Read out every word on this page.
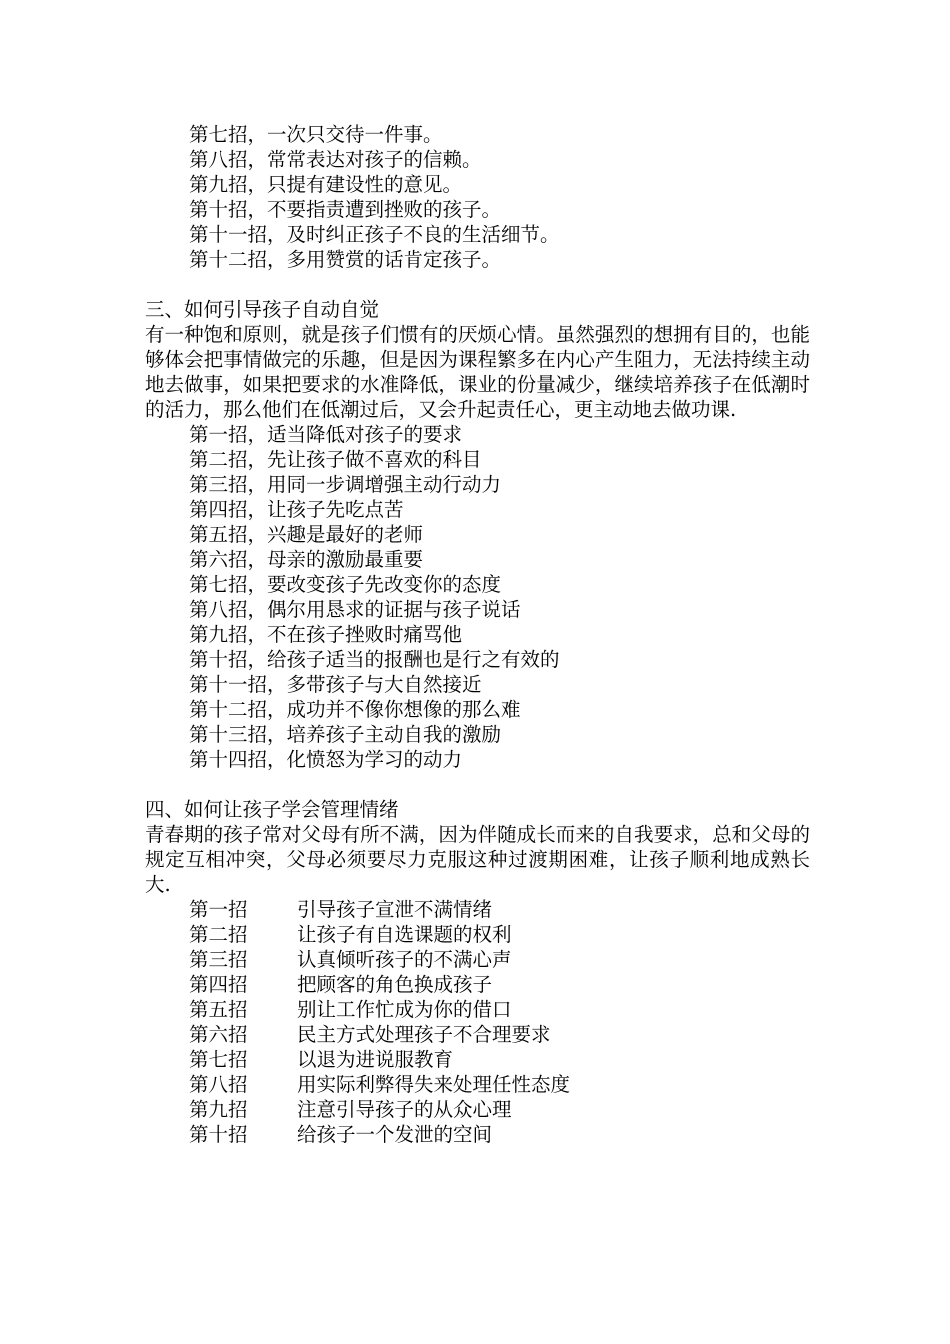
第七招，一次只交待一件事。
第八招，常常表达对孩子的信赖。
第九招，只提有建设性的意见。
第十招，不要指责遭到挫败的孩子。
第十一招，及时纠正孩子不良的生活细节。
第十二招，多用赞赏的话肯定孩子。
三、如何引导孩子自动自觉
有一种饱和原则，就是孩子们惯有的厌烦心情。虽然强烈的想拥有目的，也能够体会把事情做完的乐趣，但是因为课程繁多在内心产生阻力，无法持续主动地去做事，如果把要求的水准降低，课业的份量减少，继续培养孩子在低潮时的活力，那么他们在低潮过后，又会升起责任心，更主动地去做功课.
第一招，适当降低对孩子的要求
第二招，先让孩子做不喜欢的科目
第三招，用同一步调增强主动行动力
第四招，让孩子先吃点苦
第五招，兴趣是最好的老师
第六招，母亲的激励最重要
第七招，要改变孩子先改变你的态度
第八招，偶尔用恳求的证据与孩子说话
第九招，不在孩子挫败时痛骂他
第十招，给孩子适当的报酬也是行之有效的
第十一招，多带孩子与大自然接近
第十二招，成功并不像你想像的那么难
第十三招，培养孩子主动自我的激励
第十四招，化愤怒为学习的动力
四、如何让孩子学会管理情绪
青春期的孩子常对父母有所不满，因为伴随成长而来的自我要求，总和父母的规定互相冲突，父母必须要尽力克服这种过渡期困难，让孩子顺利地成熟长大.
第一招	引导孩子宣泄不满情绪
第二招	让孩子有自选课题的权利
第三招	认真倾听孩子的不满心声
第四招	把顾客的角色换成孩子
第五招	别让工作忙成为你的借口
第六招	民主方式处理孩子不合理要求
第七招	以退为进说服教育
第八招	用实际利弊得失来处理任性态度
第九招	注意引导孩子的从众心理
第十招	给孩子一个发泄的空间
